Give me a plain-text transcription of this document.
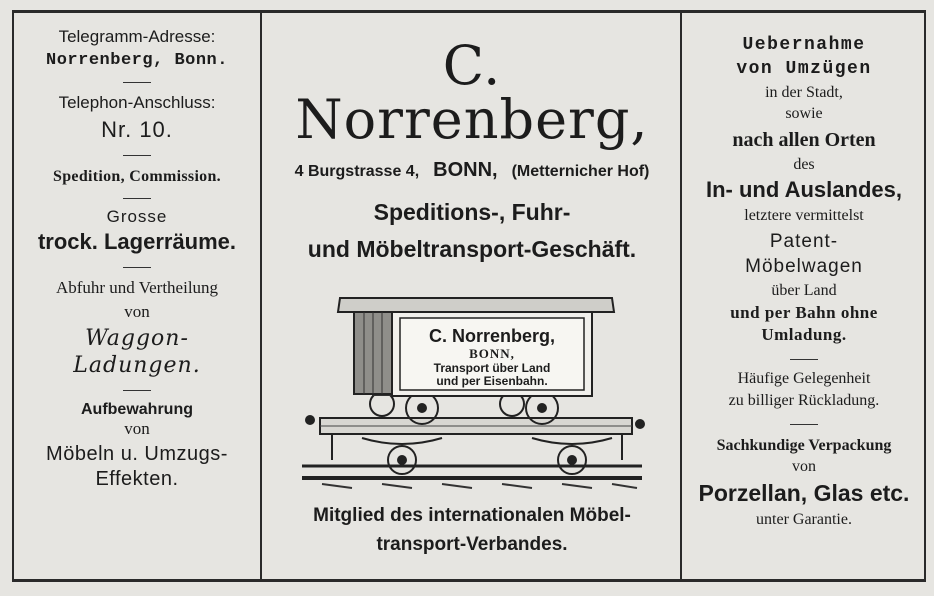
Telegramm-Adresse:
Norrenberg, Bonn.
Telephon-Anschluss:
Nr. 10.
Spedition, Commission.
Grosse
trock. Lagerräume.
Abfuhr und Vertheilung
von
Waggon-
Ladungen.
Aufbewahrung
von
Möbeln u. Umzugs-
Effekten.
C. Norrenberg,
4 Burgstrasse 4, BONN, (Metternicher Hof)
Speditions-, Fuhr-
und Möbeltransport-Geschäft.
C. Norrenberg,
BONN,
Transport über Land
und per Eisenbahn.
Mitglied des internationalen Möbel-
transport-Verbandes.
Uebernahme
von Umzügen
in der Stadt,
sowie
nach allen Orten
des
In- und Auslandes,
letztere vermittelst
Patent-
Möbelwagen
über Land
und per Bahn ohne
Umladung.
Häufige Gelegenheit
zu billiger Rückladung.
Sachkundige Verpackung
von
Porzellan, Glas etc.
unter Garantie.
